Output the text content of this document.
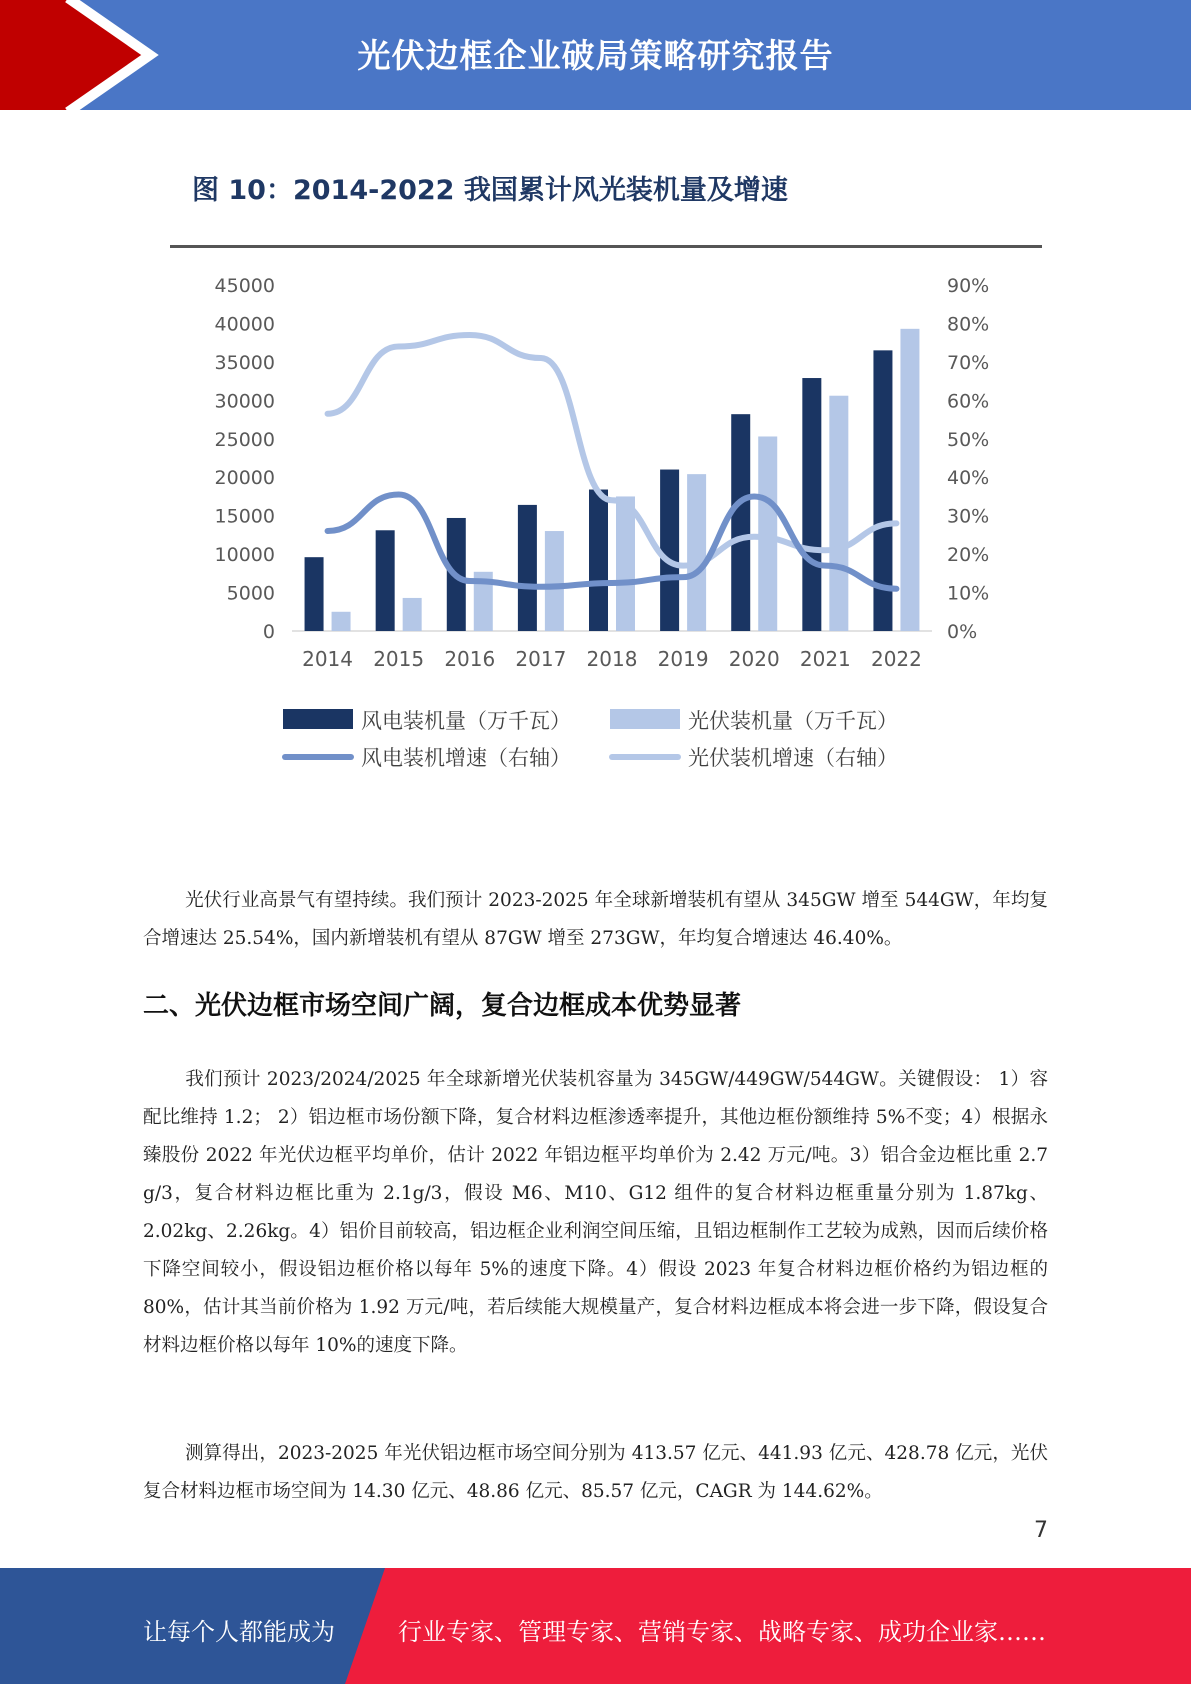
光伏边框企业破局策略研究报告
图 10：2014-2022 我国累计风光装机量及增速
0
5000
10000
15000
20000
25000
30000
35000
40000
45000
0%
10%
20%
30%
40%
50%
60%
70%
80%
90%
2014 2015 2016 2017 2018 2019 2020 2021 2022
风电装机量（万千瓦）	光伏装机量（万千瓦）
风电装机增速（右轴）	光伏装机增速（右轴）

光伏行业高景气有望持续。我们预计 2023-2025 年全球新增装机有望从 345GW 增至 544GW，年均复合增速达 25.54%，国内新增装机有望从 87GW 增至 273GW，年均复合增速达 46.40%。

二、光伏边框市场空间广阔，复合边框成本优势显著

我们预计 2023/2024/2025 年全球新增光伏装机容量为 345GW/449GW/544GW。关键假设： 1）容配比维持 1.2； 2）铝边框市场份额下降，复合材料边框渗透率提升，其他边框份额维持 5%不变；4）根据永臻股份 2022 年光伏边框平均单价，估计 2022 年铝边框平均单价为 2.42 万元/吨。3）铝合金边框比重 2.7 g/3，复合材料边框比重为 2.1g/3，假设 M6、M10、G12 组件的复合材料边框重量分别为 1.87kg、2.02kg、2.26kg。4）铝价目前较高，铝边框企业利润空间压缩，且铝边框制作工艺较为成熟，因而后续价格下降空间较小，假设铝边框价格以每年 5%的速度下降。4）假设 2023 年复合材料边框价格约为铝边框的 80%，估计其当前价格为 1.92 万元/吨，若后续能大规模量产，复合材料边框成本将会进一步下降，假设复合材料边框价格以每年 10%的速度下降。

测算得出，2023-2025 年光伏铝边框市场空间分别为 413.57 亿元、441.93 亿元、428.78 亿元，光伏复合材料边框市场空间为 14.30 亿元、48.86 亿元、85.57 亿元，CAGR 为 144.62%。

7
让每个人都能成为	行业专家、管理专家、营销专家、战略专家、成功企业家……
